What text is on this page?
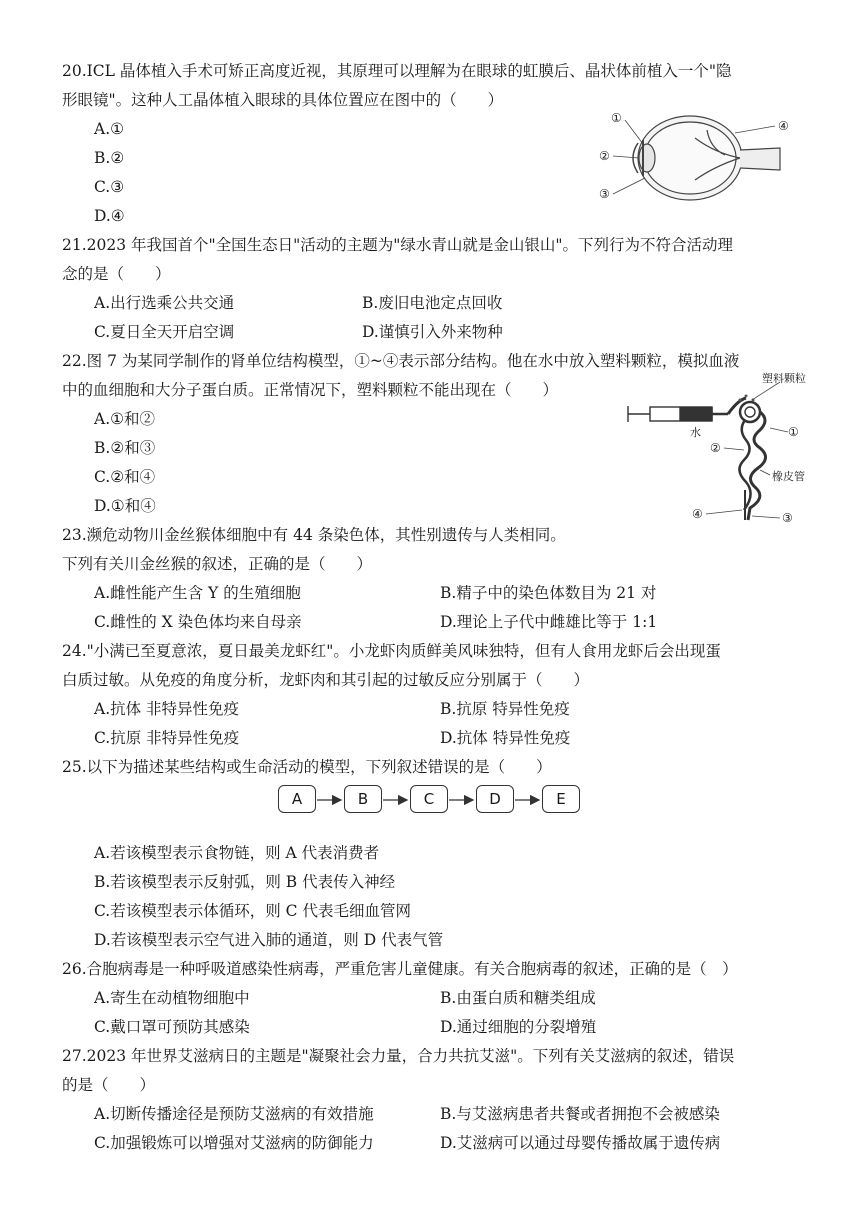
20.ICL 晶体植入手术可矫正高度近视，其原理可以理解为在眼球的虹膜后、晶状体前植入一个"隐
形眼镜"。这种人工晶体植入眼球的具体位置应在图中的（　　）
A.①
B.②
C.③
D.④
①
②
③
④
21.2023 年我国首个"全国生态日"活动的主题为"绿水青山就是金山银山"。下列行为不符合活动理
念的是（　　）
A.出行选乘公共交通	B.废旧电池定点回收
C.夏日全天开启空调	D.谨慎引入外来物种
22.图 7 为某同学制作的肾单位结构模型，①~④表示部分结构。他在水中放入塑料颗粒，模拟血液
中的血细胞和大分子蛋白质。正常情况下，塑料颗粒不能出现在（　　）
A.①和②
B.②和③
C.②和④
D.①和④
塑料颗粒
水
橡皮管
①
②
③
④
23.濒危动物川金丝猴体细胞中有 44 条染色体，其性别遗传与人类相同。
下列有关川金丝猴的叙述，正确的是（　　）
A.雌性能产生含 Y 的生殖细胞	B.精子中的染色体数目为 21 对
C.雌性的 X 染色体均来自母亲	D.理论上子代中雌雄比等于 1:1
24."小满已至夏意浓，夏日最美龙虾红"。小龙虾肉质鲜美风味独特，但有人食用龙虾后会出现蛋
白质过敏。从免疫的角度分析，龙虾肉和其引起的过敏反应分别属于（　　）
A.抗体 非特异性免疫	B.抗原 特异性免疫
C.抗原 非特异性免疫	D.抗体 特异性免疫
25.以下为描述某些结构或生命活动的模型，下列叙述错误的是（　　）
A	B	C	D	E
A.若该模型表示食物链，则 A 代表消费者
B.若该模型表示反射弧，则 B 代表传入神经
C.若该模型表示体循环，则 C 代表毛细血管网
D.若该模型表示空气进入肺的通道，则 D 代表气管
26.合胞病毒是一种呼吸道感染性病毒，严重危害儿童健康。有关合胞病毒的叙述，正确的是（　）
A.寄生在动植物细胞中	B.由蛋白质和糖类组成
C.戴口罩可预防其感染	D.通过细胞的分裂增殖
27.2023 年世界艾滋病日的主题是"凝聚社会力量，合力共抗艾滋"。下列有关艾滋病的叙述，错误
的是（　　）
A.切断传播途径是预防艾滋病的有效措施	B.与艾滋病患者共餐或者拥抱不会被感染
C.加强锻炼可以增强对艾滋病的防御能力	D.艾滋病可以通过母婴传播故属于遗传病
